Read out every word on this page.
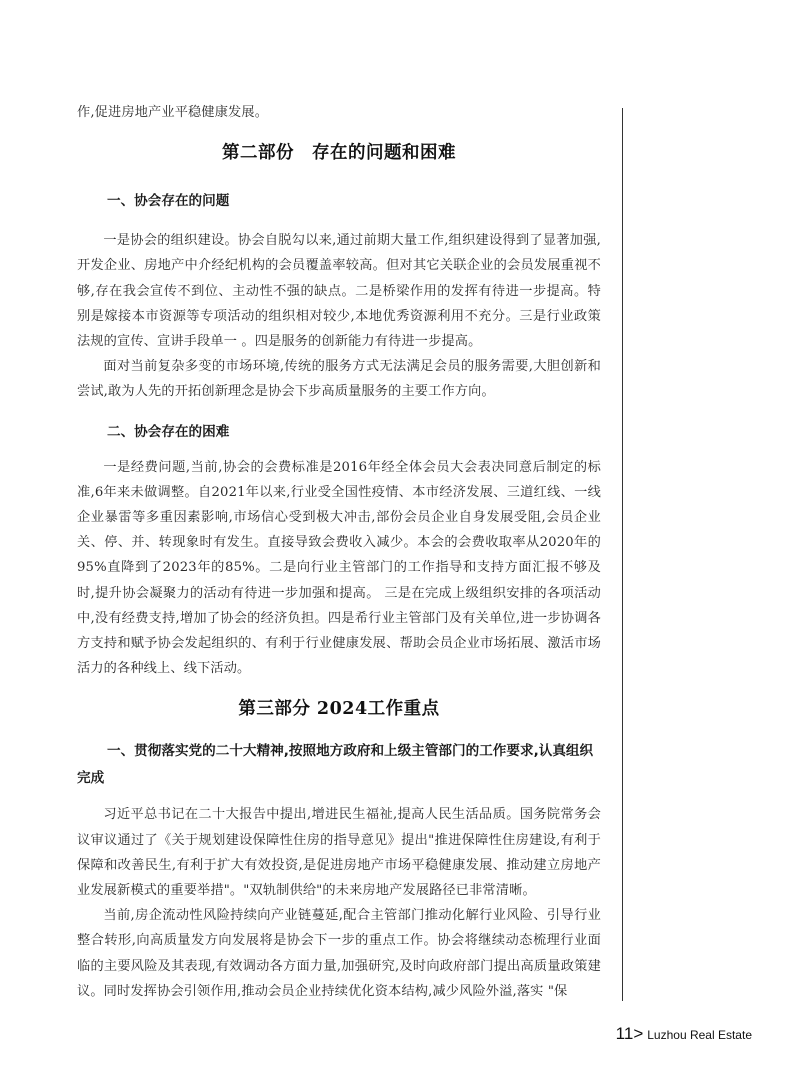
作,促进房地产业平稳健康发展。

第二部份　存在的问题和困难
一、协会存在的问题

一是协会的组织建设。协会自脱勾以来,通过前期大量工作,组织建设得到了显著加强,开发企业、房地产中介经纪机构的会员覆盖率较高。但对其它关联企业的会员发展重视不够,存在我会宣传不到位、主动性不强的缺点。二是桥梁作用的发挥有待进一步提高。特别是嫁接本市资源等专项活动的组织相对较少,本地优秀资源利用不充分。三是行业政策法规的宣传、宣讲手段单一 。四是服务的创新能力有待进一步提高。

面对当前复杂多变的市场环境,传统的服务方式无法满足会员的服务需要,大胆创新和尝试,敢为人先的开拓创新理念是协会下步高质量服务的主要工作方向。

二、协会存在的困难

一是经费问题,当前,协会的会费标准是2016年经全体会员大会表决同意后制定的标准,6年来未做调整。自2021年以来,行业受全国性疫情、本市经济发展、三道红线、一线企业暴雷等多重因素影响,市场信心受到极大冲击,部份会员企业自身发展受阻,会员企业关、停、并、转现象时有发生。直接导致会费收入减少。本会的会费收取率从2020年的95%直降到了2023年的85%。二是向行业主管部门的工作指导和支持方面汇报不够及时,提升协会凝聚力的活动有待进一步加强和提高。 三是在完成上级组织安排的各项活动中,没有经费支持,增加了协会的经济负担。四是希行业主管部门及有关单位,进一步协调各方支持和赋予协会发起组织的、有利于行业健康发展、帮助会员企业市场拓展、激活市场活力的各种线上、线下活动。

第三部分 2024工作重点
一、贯彻落实党的二十大精神,按照地方政府和上级主管部门的工作要求,认真组织完成

习近平总书记在二十大报告中提出,增进民生福祉,提高人民生活品质。国务院常务会议审议通过了《关于规划建设保障性住房的指导意见》提出"推进保障性住房建设,有利于保障和改善民生,有利于扩大有效投资,是促进房地产市场平稳健康发展、推动建立房地产业发展新模式的重要举措"。"双轨制供给"的未来房地产发展路径已非常清晰。

当前,房企流动性风险持续向产业链蔓延,配合主管部门推动化解行业风险、引导行业整合转形,向高质量发方向发展将是协会下一步的重点工作。协会将继续动态梳理行业面临的主要风险及其表现,有效调动各方面力量,加强研究,及时向政府部门提出高质量政策建议。同时发挥协会引领作用,推动会员企业持续优化资本结构,减少风险外溢,落实 "保

11> Luzhou Real Estate
